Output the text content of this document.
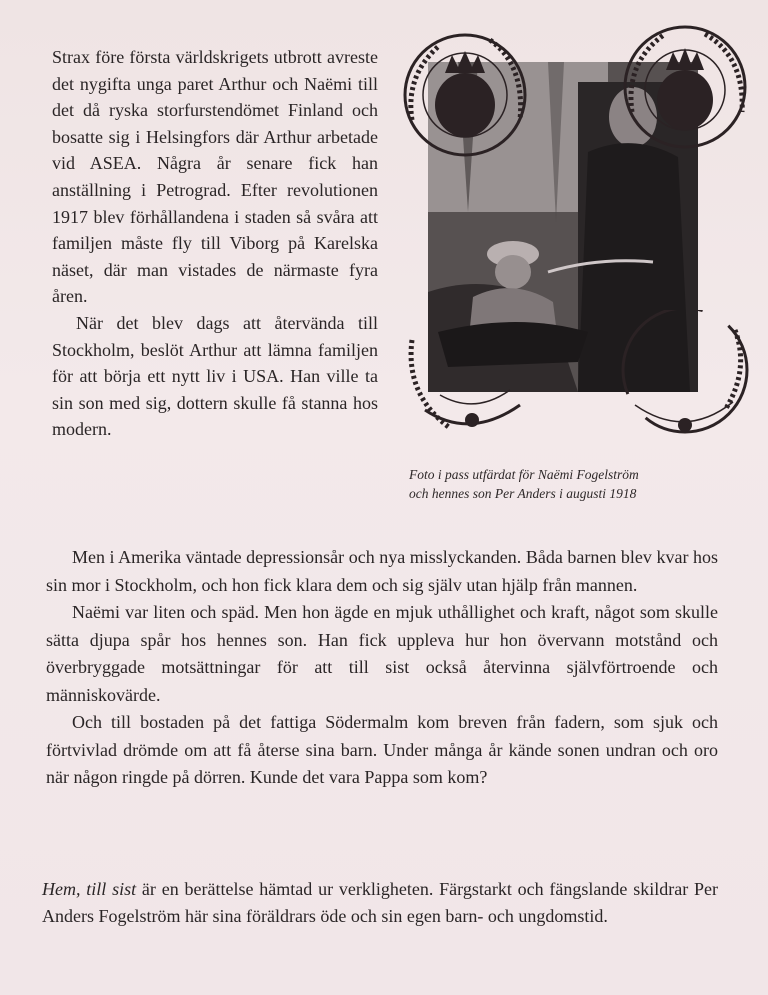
Strax före första världskrigets utbrott avreste det nygifta unga paret Arthur och Naëmi till det då ryska storfurstendömet Finland och bosatte sig i Helsingfors där Arthur arbetade vid ASEA. Några år senare fick han anställning i Petrograd. Efter revolutionen 1917 blev förhållandena i staden så svåra att familjen måste fly till Viborg på Karelska näset, där man vistades de närmaste fyra åren.

När det blev dags att återvända till Stockholm, beslöt Arthur att lämna familjen för att börja ett nytt liv i USA. Han ville ta sin son med sig, dottern skulle få stanna hos modern.

Foto i pass utfärdat för Naëmi Fogelström
och hennes son Per Anders i augusti 1918

Men i Amerika väntade depressionsår och nya misslyckanden. Båda barnen blev kvar hos sin mor i Stockholm, och hon fick klara dem och sig själv utan hjälp från mannen.

Naëmi var liten och späd. Men hon ägde en mjuk uthållighet och kraft, något som skulle sätta djupa spår hos hennes son. Han fick uppleva hur hon övervann motstånd och överbryggade motsättningar för att till sist också återvinna självförtroende och människovärde.

Och till bostaden på det fattiga Södermalm kom breven från fadern, som sjuk och förtvivlad drömde om att få återse sina barn. Under många år kände sonen undran och oro när någon ringde på dörren. Kunde det vara Pappa som kom?

Hem, till sist är en berättelse hämtad ur verkligheten. Färgstarkt och fängslande skildrar Per Anders Fogelström här sina föräldrars öde och sin egen barn- och ungdomstid.
